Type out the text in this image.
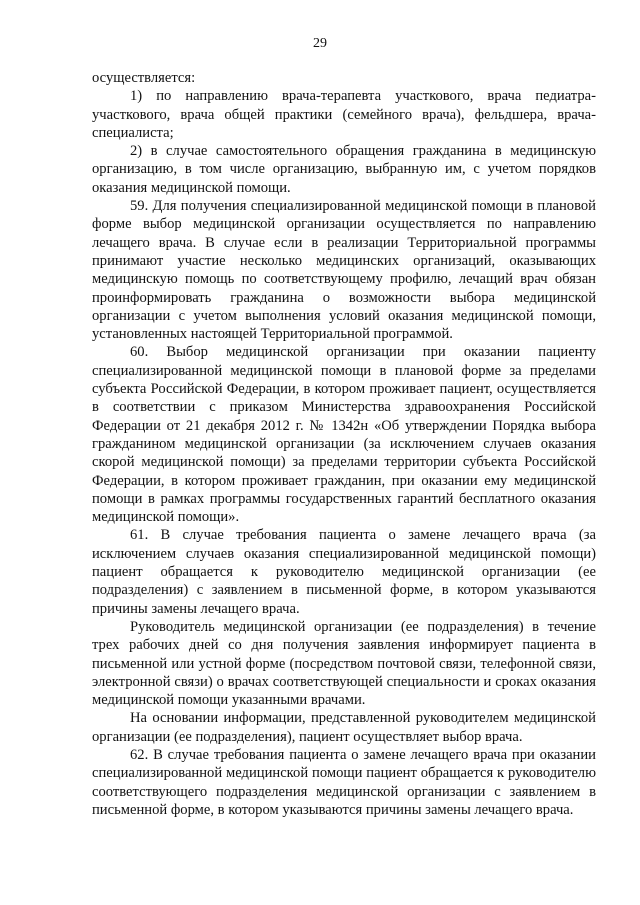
29

осуществляется:

1) по направлению врача-терапевта участкового, врача педиатра-участкового, врача общей практики (семейного врача), фельдшера, врача-специалиста;

2) в случае самостоятельного обращения гражданина в медицинскую организацию, в том числе организацию, выбранную им, с учетом порядков оказания медицинской помощи.

59. Для получения специализированной медицинской помощи в плановой форме выбор медицинской организации осуществляется по направлению лечащего врача. В случае если в реализации Территориальной программы принимают участие несколько медицинских организаций, оказывающих медицинскую помощь по соответствующему профилю, лечащий врач обязан проинформировать гражданина о возможности выбора медицинской организации с учетом выполнения условий оказания медицинской помощи, установленных настоящей Территориальной программой.

60. Выбор медицинской организации при оказании пациенту специализированной медицинской помощи в плановой форме за пределами субъекта Российской Федерации, в котором проживает пациент, осуществляется в соответствии с приказом Министерства здравоохранения Российской Федерации от 21 декабря 2012 г. № 1342н «Об утверждении Порядка выбора гражданином медицинской организации (за исключением случаев оказания скорой медицинской помощи) за пределами территории субъекта Российской Федерации, в котором проживает гражданин, при оказании ему медицинской помощи в рамках программы государственных гарантий бесплатного оказания медицинской помощи».

61. В случае требования пациента о замене лечащего врача (за исключением случаев оказания специализированной медицинской помощи) пациент обращается к руководителю медицинской организации (ее подразделения) с заявлением в письменной форме, в котором указываются причины замены лечащего врача.

Руководитель медицинской организации (ее подразделения) в течение трех рабочих дней со дня получения заявления информирует пациента в письменной или устной форме (посредством почтовой связи, телефонной связи, электронной связи) о врачах соответствующей специальности и сроках оказания медицинской помощи указанными врачами.

На основании информации, представленной руководителем медицинской организации (ее подразделения), пациент осуществляет выбор врача.

62. В случае требования пациента о замене лечащего врача при оказании специализированной медицинской помощи пациент обращается к руководителю соответствующего подразделения медицинской организации с заявлением в письменной форме, в котором указываются причины замены лечащего врача.
